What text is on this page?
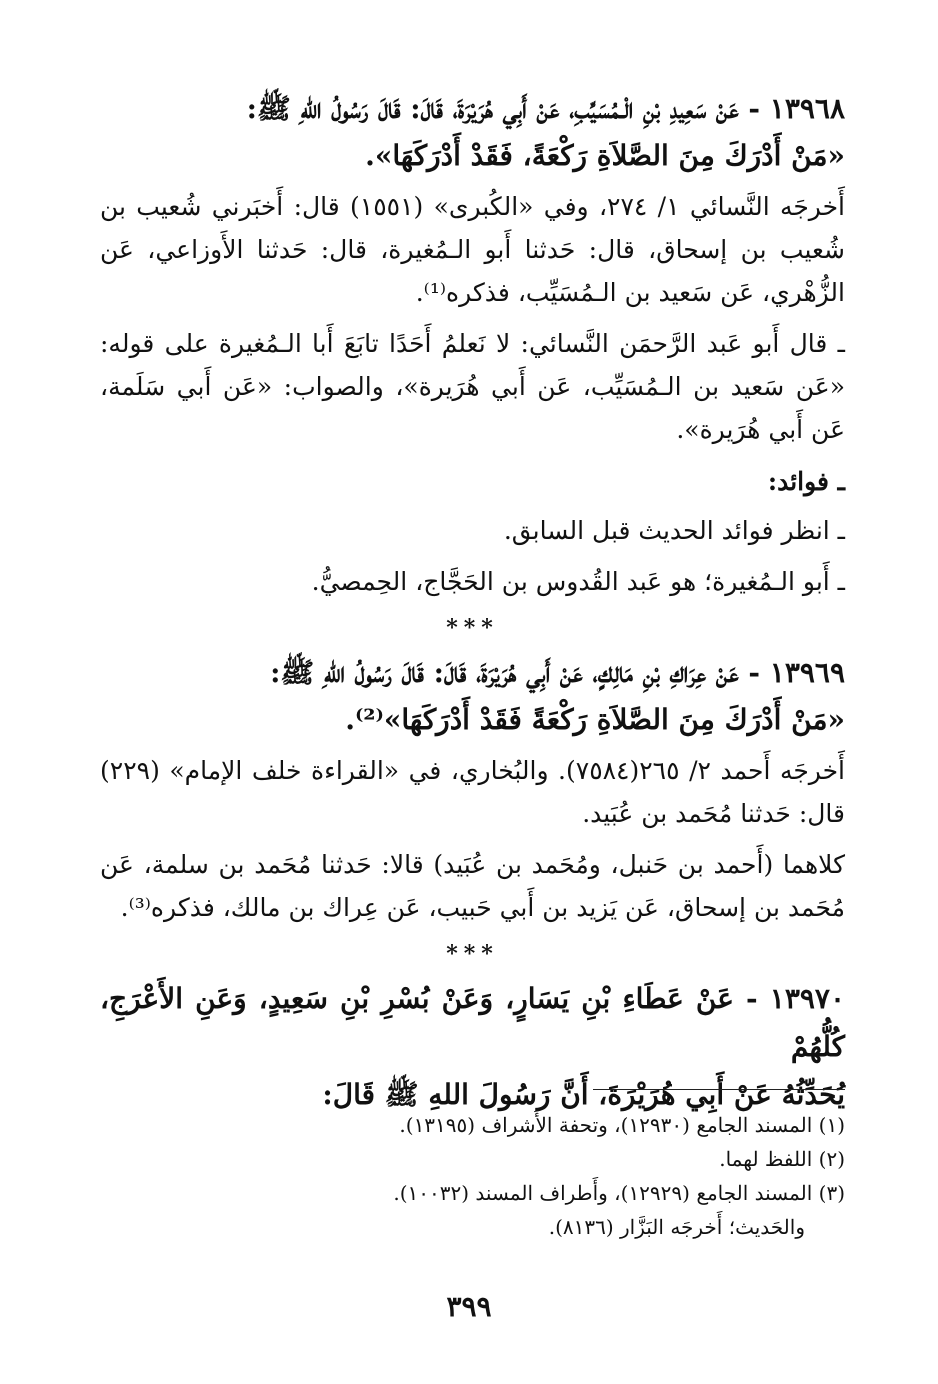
١٣٩٦٨ - عَنْ سَعِيدِ بْنِ الْـمُسَيِّبِ، عَنْ أَبِي هُرَيْرَةَ، قَالَ: قَالَ رَسُولُ اللهِ ﷺ:

«مَنْ أَدْرَكَ مِنَ الصَّلاَةِ رَكْعَةً، فَقَدْ أَدْرَكَهَا».

أَخرجَه النَّسائي ١/ ٢٧٤، وفي «الكُبرى» (١٥٥١) قال: أَخبَرني شُعيب بن شُعيب بن إسحاق، قال: حَدثنا أَبو الـمُغيرة، قال: حَدثنا الأَوزاعي، عَن الزُّهْري، عَن سَعيد بن الـمُسَيِّب، فذكره⁽¹⁾.

ـ قال أَبو عَبد الرَّحمَن النَّسائي: لا نَعلمُ أَحَدًا تابَعَ أَبا الـمُغيرة على قوله: «عَن سَعيد بن الـمُسَيِّب، عَن أَبي هُرَيرة»، والصواب: «عَن أَبي سَلَمة، عَن أَبي هُرَيرة».

ـ فوائد:

ـ انظر فوائد الحديث قبل السابق.

ـ أَبو الـمُغيرة؛ هو عَبد القُدوس بن الحَجَّاج، الحِمصيُّ.

***

١٣٩٦٩ - عَنْ عِرَاكِ بْنِ مَالِكٍ، عَنْ أَبِي هُرَيْرَةَ، قَالَ: قَالَ رَسُولُ اللهِ ﷺ:

«مَنْ أَدْرَكَ مِنَ الصَّلاَةِ رَكْعَةً فَقَدْ أَدْرَكَهَا»⁽²⁾.

أَخرجَه أَحمد ٢/ ٢٦٥(٧٥٨٤). والبُخاري، في «القراءة خلف الإمام» (٢٢٩) قال: حَدثنا مُحَمد بن عُبَيد.

كلاهما (أَحمد بن حَنبل، ومُحَمد بن عُبَيد) قالا: حَدثنا مُحَمد بن سلمة، عَن مُحَمد بن إسحاق، عَن يَزيد بن أَبي حَبيب، عَن عِراك بن مالك، فذكره⁽³⁾.

***

١٣٩٧٠ - عَنْ عَطَاءِ بْنِ يَسَارٍ، وَعَنْ بُسْرِ بْنِ سَعِيدٍ، وَعَنِ الأَعْرَجِ، كُلُّهُمْ

يُحَدِّثُهُ عَنْ أَبِي هُرَيْرَةَ، أَنَّ رَسُولَ اللهِ ﷺ قَالَ:

(١) المسند الجامع (١٢٩٣٠)، وتحفة الأَشراف (١٣١٩٥).

(٢) اللفظ لهما.

(٣) المسند الجامع (١٢٩٢٩)، وأَطراف المسند (١٠٠٣٢).

والحَديث؛ أَخرجَه البَزَّار (٨١٣٦).

٣٩٩
